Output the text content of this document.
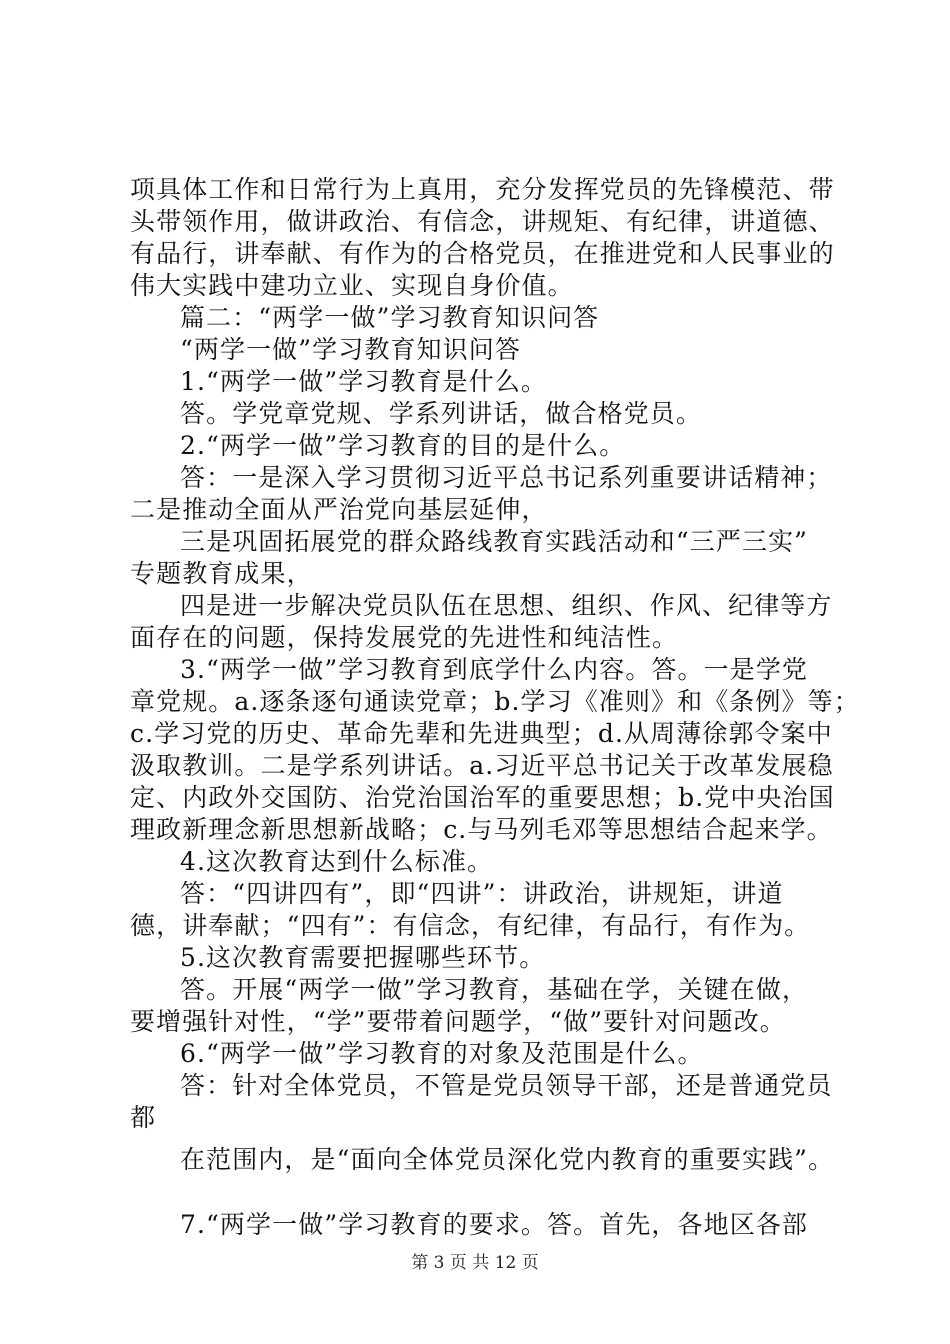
项具体工作和日常行为上真用，充分发挥党员的先锋模范、带
头带领作用，做讲政治、有信念，讲规矩、有纪律，讲道德、
有品行，讲奉献、有作为的合格党员，在推进党和人民事业的
伟大实践中建功立业、实现自身价值。
篇二：“两学一做”学习教育知识问答
“两学一做”学习教育知识问答
1.“两学一做”学习教育是什么。
答。学党章党规、学系列讲话，做合格党员。
2.“两学一做”学习教育的目的是什么。
答：一是深入学习贯彻习近平总书记系列重要讲话精神；
二是推动全面从严治党向基层延伸，
三是巩固拓展党的群众路线教育实践活动和“三严三实”
专题教育成果，
四是进一步解决党员队伍在思想、组织、作风、纪律等方
面存在的问题，保持发展党的先进性和纯洁性。
3.“两学一做”学习教育到底学什么内容。答。一是学党
章党规。a.逐条逐句通读党章；b.学习《准则》和《条例》等；
c.学习党的历史、革命先辈和先进典型；d.从周薄徐郭令案中
汲取教训。二是学系列讲话。a.习近平总书记关于改革发展稳
定、内政外交国防、治党治国治军的重要思想；b.党中央治国
理政新理念新思想新战略；c.与马列毛邓等思想结合起来学。
4.这次教育达到什么标准。
答：“四讲四有”，即“四讲”：讲政治，讲规矩，讲道
德，讲奉献；“四有”：有信念，有纪律，有品行，有作为。
5.这次教育需要把握哪些环节。
答。开展“两学一做”学习教育，基础在学，关键在做，
要增强针对性，“学”要带着问题学，“做”要针对问题改。
6.“两学一做”学习教育的对象及范围是什么。
答：针对全体党员，不管是党员领导干部，还是普通党员
都
在范围内，是“面向全体党员深化党内教育的重要实践”。
7.“两学一做”学习教育的要求。答。首先，各地区各部
第 3 页 共 12 页
